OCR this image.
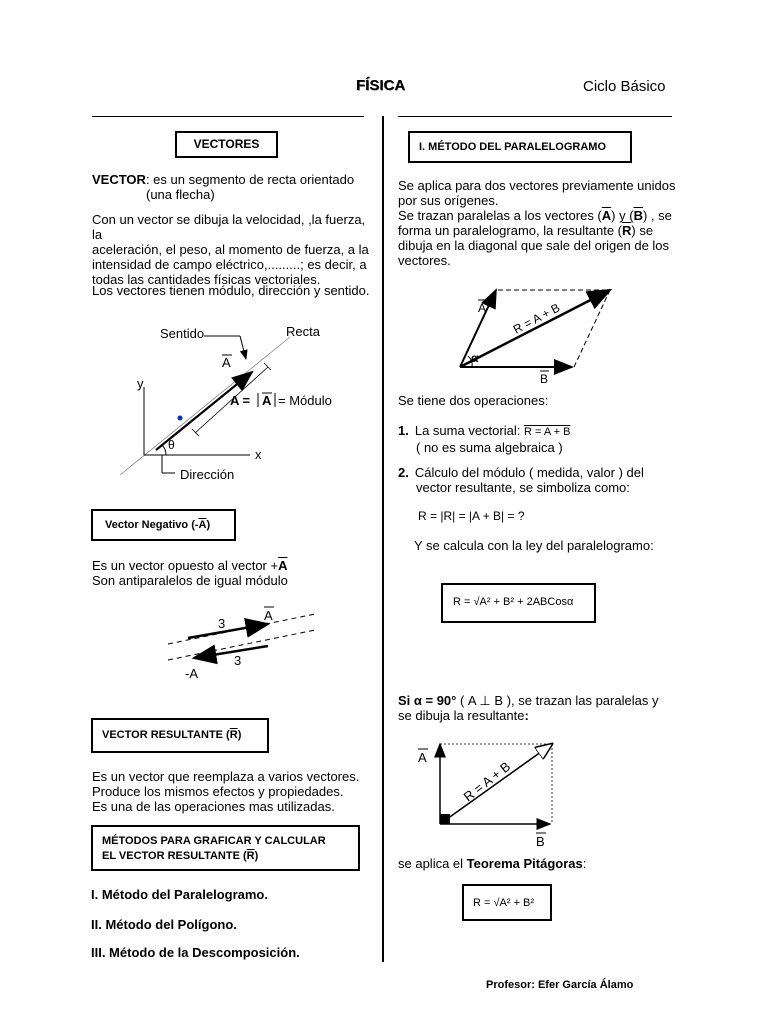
FÍSICA	Ciclo Básico
VECTORES

VECTOR: es un segmento de recta orientado

(una flecha)

Con un vector se dibuja la velocidad, ,la fuerza, la

aceleración, el peso, al momento de fuerza, a la

intensidad de campo eléctrico,.........; es decir, a

todas las cantidades físicas vectoriales.

Los vectores tienen módulo, dirección y sentido.
Sentido	Recta
A
y
x
θ
Dirección
A = A = Módulo
Vector Negativo $(-\overline{A})$

Es un vector opuesto al vector $+\overline{A}$

Son antiparalelos de igual módulo

3
A
3
-A
VECTOR RESULTANTE $(\overline{R})$

Es un vector que reemplaza a varios vectores.

Produce los mismos efectos y propiedades.

Es una de las operaciones mas utilizadas.

MÉTODOS PARA GRAFICAR Y CALCULAR
EL VECTOR RESULTANTE $(\overline{R})$
I. Método del Paralelogramo.
II. Método del Polígono.
III. Método de la Descomposición.
I. MÉTODO DEL PARALELOGRAMO

Se aplica para dos vectores previamente unidos

por sus orígenes.

Se trazan paralelas a los vectores $(\overline{A})$ y $(\overline{B})$ , se

forma un paralelogramo, la resultante $(\overline{R})$ se

dibuja en la diagonal que sale del origen de los

vectores.

A
B
α
R = A + B
Se tiene dos operaciones:

1. La suma vectorial: R = A + B

( no es suma algebraica )

2. Cálculo del módulo ( medida, valor ) del

vector resultante, se simboliza como:

R = |R| = |A + B| = ?
Y se calcula con la ley del paralelogramo:
R = √A² + B² + 2ABCosα

Si α = 90° ( A ⊥ B ), se trazan las paralelas y

se dibuja la resultante:

A
B
R = A + B
se aplica el Teorema Pitágoras:
R = √A² + B²
Profesor: Efer García Álamo
